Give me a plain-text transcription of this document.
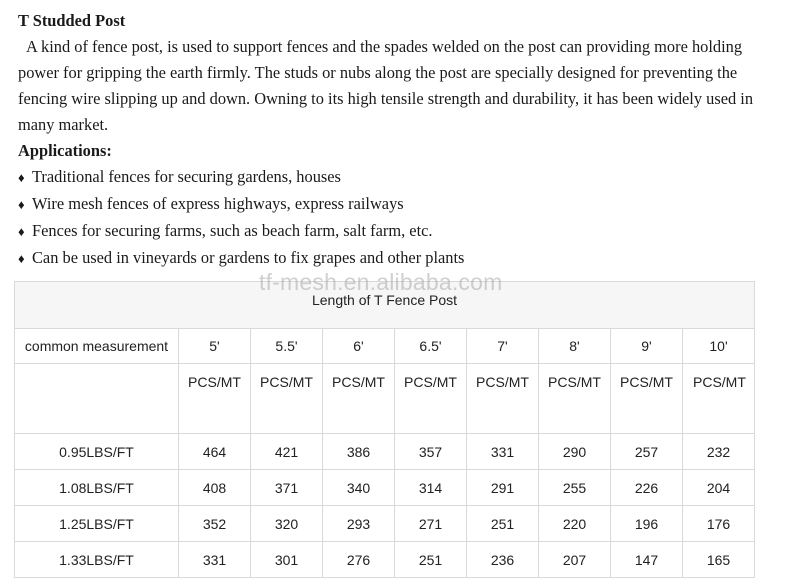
T Studded Post

A kind of fence post, is used to support fences and the spades welded on the post can providing more holding power for gripping the earth firmly. The studs or nubs along the post are specially designed for preventing the fencing wire slipping up and down. Owning to its high tensile strength and durability, it has been widely used in many market.

Applications:

♦ Traditional fences for securing gardens, houses
♦ Wire mesh fences of express highways, express railways
♦ Fences for securing farms, such as beach farm, salt farm, etc.
♦ Can be used in vineyards or gardens to fix grapes and other plants
Length of T Fence Post								
common measurement	5'	5.5'	6'	6.5'	7'	8'	9'	10'
	PCS/MT	PCS/MT	PCS/MT	PCS/MT	PCS/MT	PCS/MT	PCS/MT	PCS/MT
0.95LBS/FT	464	421	386	357	331	290	257	232
1.08LBS/FT	408	371	340	314	291	255	226	204
1.25LBS/FT	352	320	293	271	251	220	196	176
1.33LBS/FT	331	301	276	251	236	207	147	165
tf-mesh.en.alibaba.com
